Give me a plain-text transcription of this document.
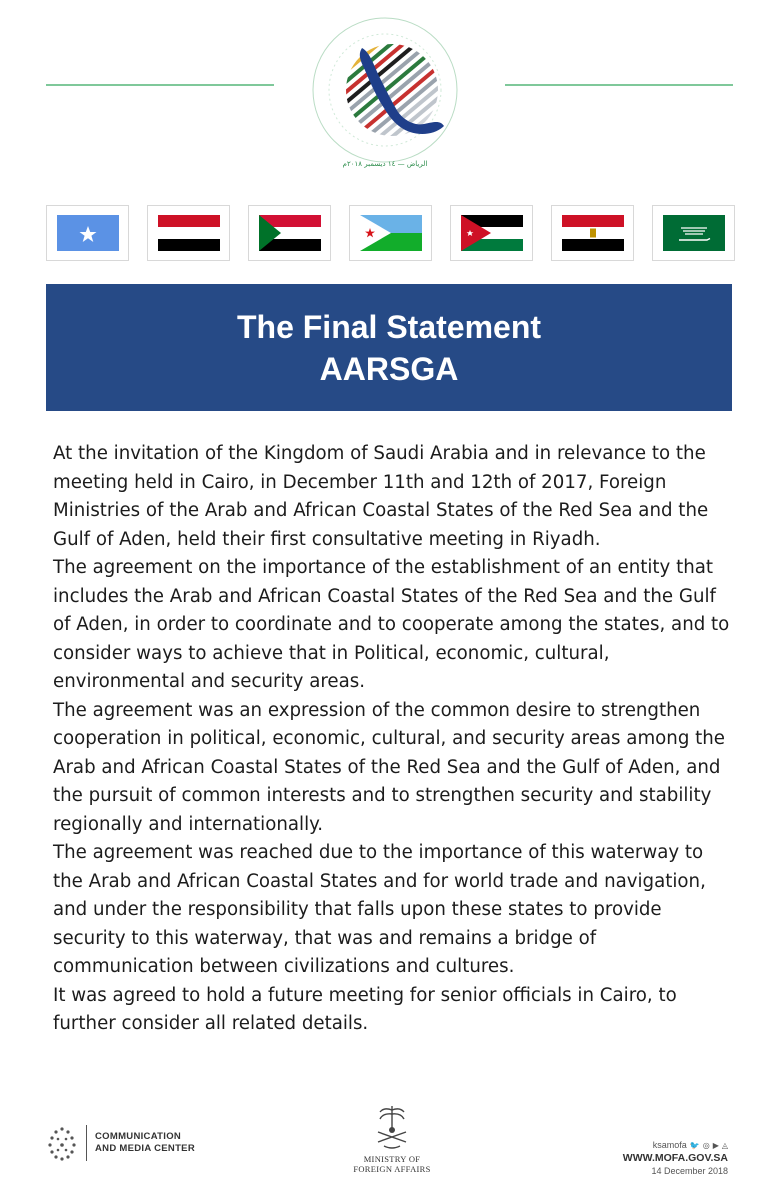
الرياض — ١٤ ديسمبر ٢٠١٨م
The Final Statement
AARSGA

At the invitation of the Kingdom of Saudi Arabia and in relevance to the meeting held in Cairo, in December 11th and 12th of 2017, Foreign Ministries of the Arab and African Coastal States of the Red Sea and the Gulf of Aden, held their first consultative meeting in Riyadh.

The agreement on the importance of the establishment of an entity that includes the Arab and African Coastal States of the Red Sea and the Gulf of Aden, in order to coordinate and to cooperate among the states, and to consider ways to achieve that in Political, economic, cultural, environmental and security areas.

The agreement was an expression of the common desire to strengthen cooperation in political, economic, cultural, and security areas among the Arab and African Coastal States of the Red Sea and the Gulf of Aden, and the pursuit of common interests and to strengthen security and stability regionally and internationally.

The agreement was reached due to the importance of this waterway to the Arab and African Coastal States and for world trade and navigation, and under the responsibility that falls upon these states to provide security to this waterway, that was and remains a bridge of communication between civilizations and cultures.

It was agreed to hold a future meeting for senior officials in Cairo, to further consider all related details.

COMMUNICATION
AND MEDIA CENTER
MINISTRY OF
FOREIGN AFFAIRS
ksamofa 🐦 ◎ ▶ ◬
WWW.MOFA.GOV.SA
14 December 2018
